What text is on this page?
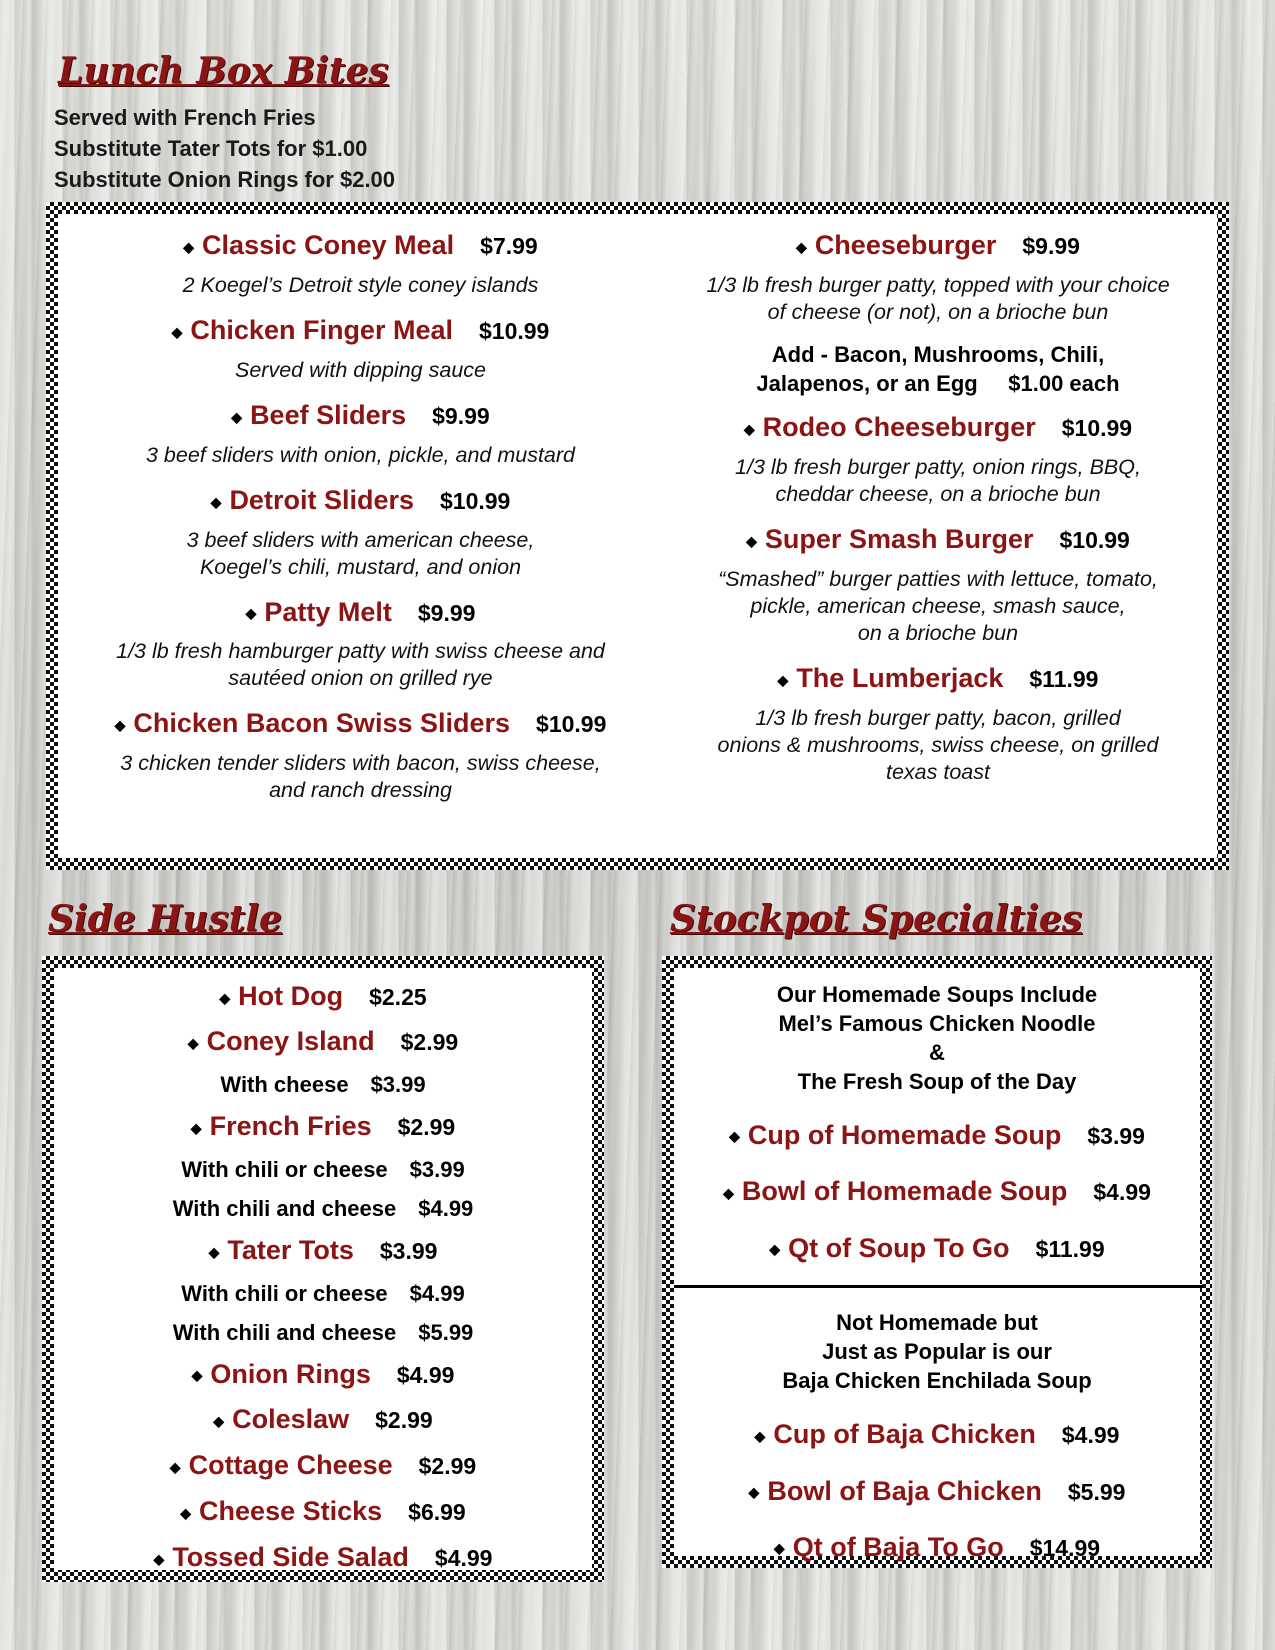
Lunch Box Bites
Served with French Fries
Substitute Tater Tots for $1.00
Substitute Onion Rings for $2.00
◆ Classic Coney Meal $7.99
2 Koegel’s Detroit style coney islands
◆ Chicken Finger Meal $10.99
Served with dipping sauce
◆ Beef Sliders $9.99
3 beef sliders with onion, pickle, and mustard
◆ Detroit Sliders $10.99
3 beef sliders with american cheese,
Koegel’s chili, mustard, and onion
◆ Patty Melt $9.99
1/3 lb fresh hamburger patty with swiss cheese and
sautéed onion on grilled rye
◆ Chicken Bacon Swiss Sliders $10.99
3 chicken tender sliders with bacon, swiss cheese,
and ranch dressing
◆ Cheeseburger $9.99
1/3 lb fresh burger patty, topped with your choice
of cheese (or not), on a brioche bun
Add - Bacon, Mushrooms, Chili,
Jalapenos, or an Egg     $1.00 each
◆ Rodeo Cheeseburger $10.99
1/3 lb fresh burger patty, onion rings, BBQ,
cheddar cheese, on a brioche bun
◆ Super Smash Burger $10.99
“Smashed” burger patties with lettuce, tomato,
pickle, american cheese, smash sauce,
on a brioche bun
◆ The Lumberjack $11.99
1/3 lb fresh burger patty, bacon, grilled
onions & mushrooms, swiss cheese, on grilled
texas toast
Side Hustle	Stockpot Specialties
◆ Hot Dog $2.25
◆ Coney Island $2.99
With cheese $3.99
◆ French Fries $2.99
With chili or cheese $3.99
With chili and cheese $4.99
◆ Tater Tots $3.99
With chili or cheese $4.99
With chili and cheese $5.99
◆ Onion Rings $4.99
◆ Coleslaw $2.99
◆ Cottage Cheese $2.99
◆ Cheese Sticks $6.99
◆ Tossed Side Salad $4.99
Our Homemade Soups Include
Mel’s Famous Chicken Noodle
&
The Fresh Soup of the Day
◆ Cup of Homemade Soup $3.99
◆ Bowl of Homemade Soup $4.99
◆ Qt of Soup To Go $11.99
Not Homemade but
Just as Popular is our
Baja Chicken Enchilada Soup
◆ Cup of Baja Chicken $4.99
◆ Bowl of Baja Chicken $5.99
◆ Qt of Baja To Go $14.99
